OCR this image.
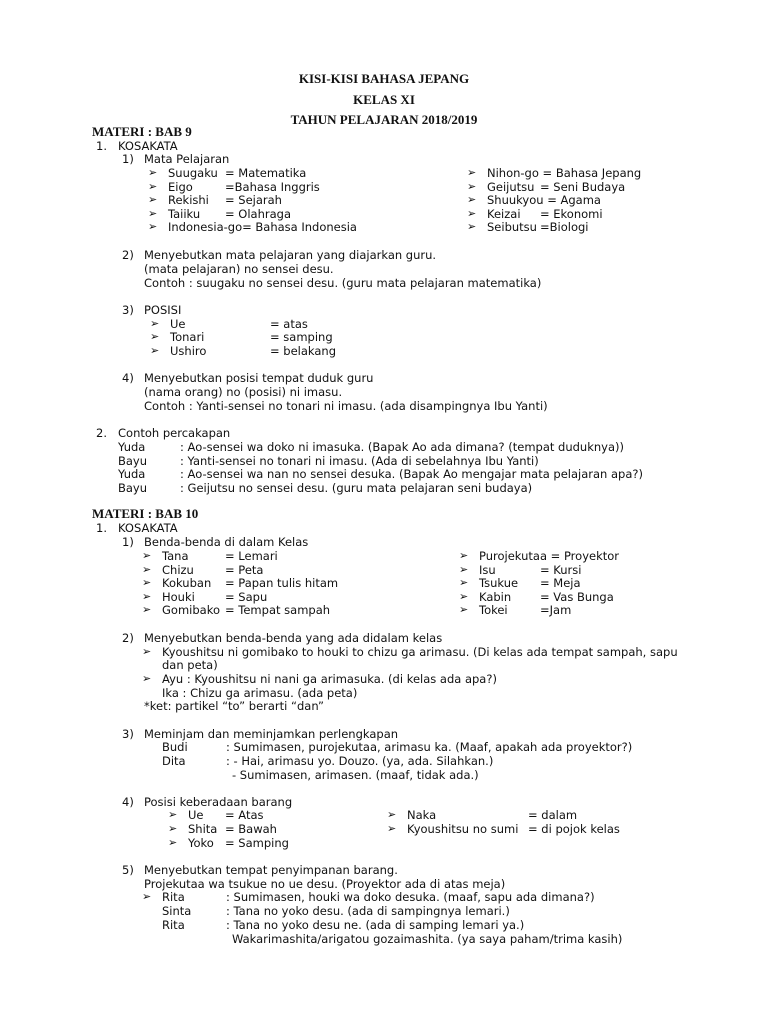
KISI-KISI BAHASA JEPANG
KELAS XI
TAHUN PELAJARAN 2018/2019
MATERI : BAB 9
1. KOSAKATA
1) Mata Pelajaran
➢ Suugaku = Matematika
➢ Eigo	=Bahasa Inggris
➢ Rekishi = Sejarah
➢ Taiiku = Olahraga
➢ Indonesia-go= Bahasa Indonesia
➢ Nihon-go = Bahasa Jepang
➢ Geijutsu = Seni Budaya
➢ Shuukyou = Agama
➢ Keizai = Ekonomi
➢ Seibutsu =Biologi
2) Menyebutkan mata pelajaran yang diajarkan guru.
(mata pelajaran) no sensei desu.
Contoh : suugaku no sensei desu. (guru mata pelajaran matematika)
3) POSISI
➢ Ue	= atas
➢ Tonari	= samping
➢ Ushiro	= belakang
4) Menyebutkan posisi tempat duduk guru
(nama orang) no (posisi) ni imasu.
Contoh : Yanti-sensei no tonari ni imasu. (ada disampingnya Ibu Yanti)
2. Contoh percakapan
Yuda	: Ao-sensei wa doko ni imasuka. (Bapak Ao ada dimana? (tempat duduknya))
Bayu	: Yanti-sensei no tonari ni imasu. (Ada di sebelahnya Ibu Yanti)
Yuda	: Ao-sensei wa nan no sensei desuka. (Bapak Ao mengajar mata pelajaran apa?)
Bayu	: Geijutsu no sensei desu. (guru mata pelajaran seni budaya)
MATERI : BAB 10
1. KOSAKATA
1) Benda-benda di dalam Kelas
➢ Tana	= Lemari
➢ Chizu	= Peta
➢ Kokuban = Papan tulis hitam
➢ Houki	= Sapu
➢ Gomibako = Tempat sampah
➢ Purojekutaa = Proyektor
➢ Isu	= Kursi
➢ Tsukue = Meja
➢ Kabin	= Vas Bunga
➢ Tokei	=Jam
2) Menyebutkan benda-benda yang ada didalam kelas
➢ Kyoushitsu ni gomibako to houki to chizu ga arimasu. (Di kelas ada tempat sampah, sapu
dan peta)
➢ Ayu : Kyoushitsu ni nani ga arimasuka. (di kelas ada apa?)
Ika : Chizu ga arimasu. (ada peta)
*ket: partikel “to” berarti “dan”
3) Meminjam dan meminjamkan perlengkapan
Budi	: Sumimasen, purojekutaa, arimasu ka. (Maaf, apakah ada proyektor?)
Dita	: - Hai, arimasu yo. Douzo. (ya, ada. Silahkan.)
- Sumimasen, arimasen. (maaf, tidak ada.)
4) Posisi keberadaan barang
➢ Ue = Atas
➢ Shita = Bawah
➢ Yoko = Samping
➢ Naka	= dalam
➢ Kyoushitsu no sumi = di pojok kelas
5) Menyebutkan tempat penyimpanan barang.
Projekutaa wa tsukue no ue desu. (Proyektor ada di atas meja)
➢ Rita	: Sumimasen, houki wa doko desuka. (maaf, sapu ada dimana?)
Sinta	: Tana no yoko desu. (ada di sampingnya lemari.)
Rita	: Tana no yoko desu ne. (ada di samping lemari ya.)
Wakarimashita/arigatou gozaimashita. (ya saya paham/trima kasih)
